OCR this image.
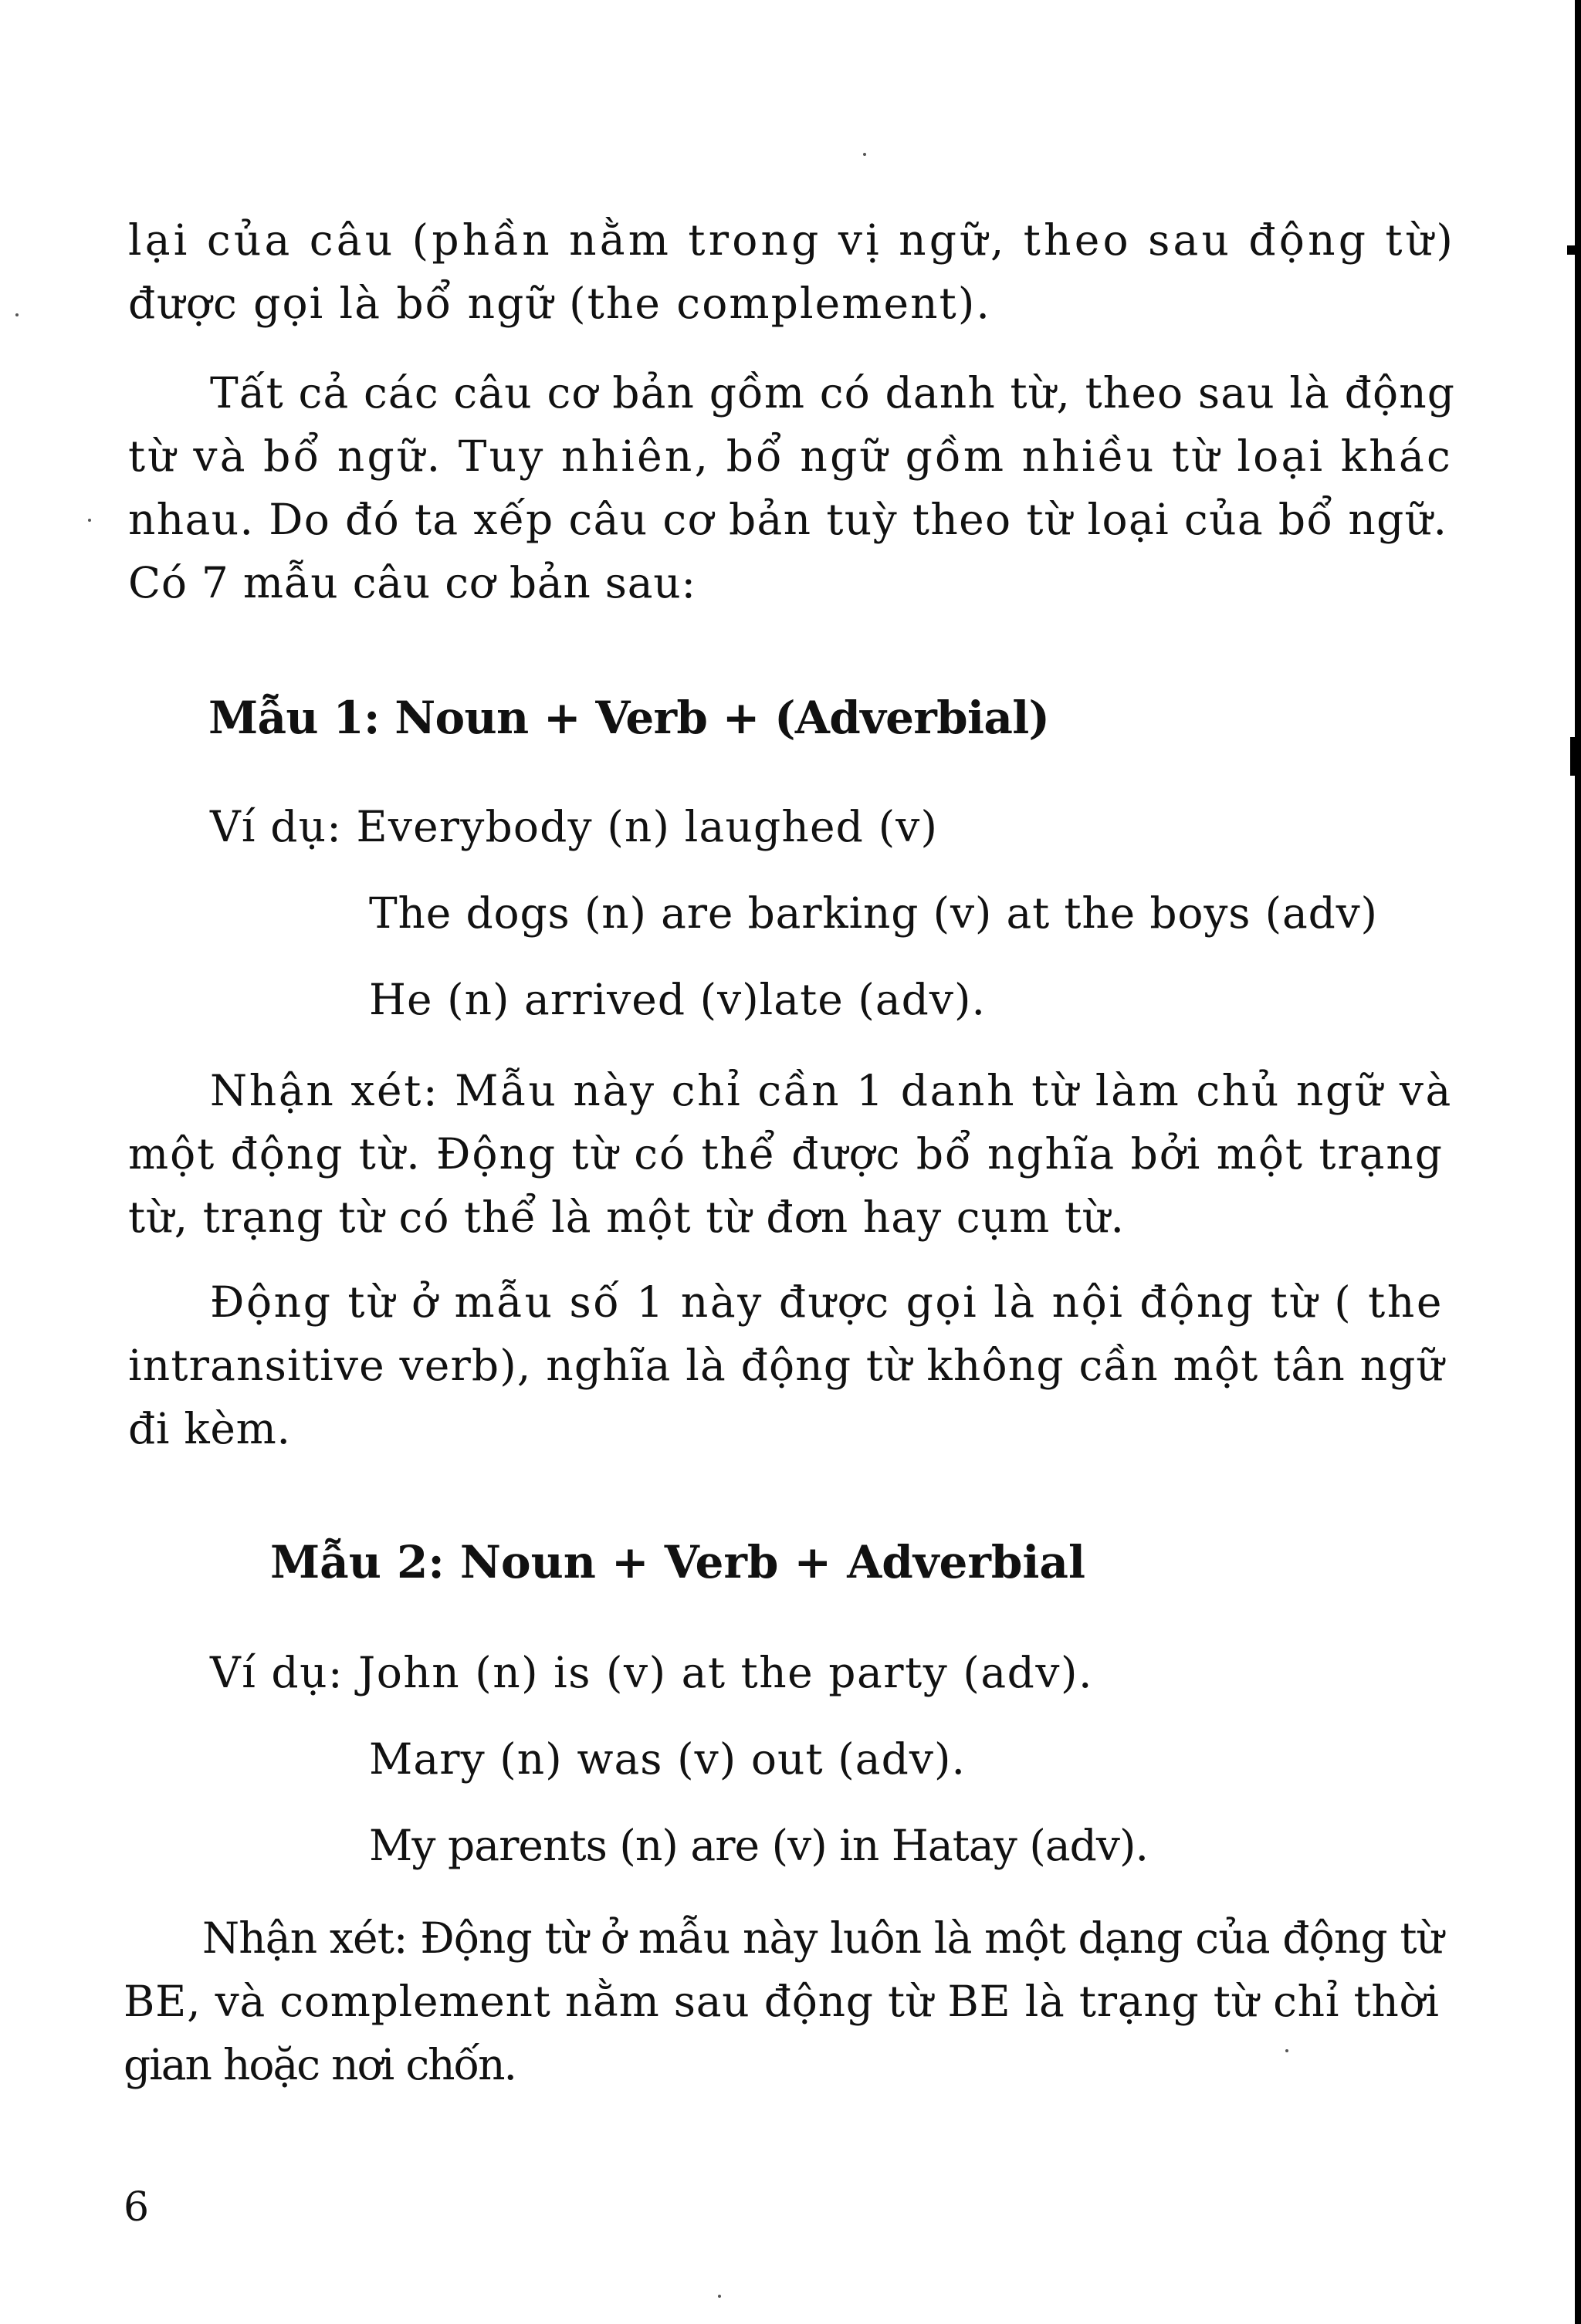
lại của câu (phần nằm trong vị ngữ, theo sau động từ)
được gọi là bổ ngữ (the complement).
Tất cả các câu cơ bản gồm có danh từ, theo sau là động
từ và bổ ngữ. Tuy nhiên, bổ ngữ gồm nhiều từ loại khác
nhau. Do đó ta xếp câu cơ bản tuỳ theo từ loại của bổ ngữ.
Có 7 mẫu câu cơ bản sau:
Mẫu 1: Noun + Verb + (Adverbial)
Ví dụ: Everybody (n) laughed (v)
The dogs (n) are barking (v) at the boys (adv)
He (n) arrived (v)late (adv).
Nhận xét: Mẫu này chỉ cần 1 danh từ làm chủ ngữ và
một động từ. Động từ có thể được bổ nghĩa bởi một trạng
từ, trạng từ có thể là một từ đơn hay cụm từ.
Động từ ở mẫu số 1 này được gọi là nội động từ ( the
intransitive verb), nghĩa là động từ không cần một tân ngữ
đi kèm.
Mẫu 2: Noun + Verb + Adverbial
Ví dụ: John (n) is (v) at the party (adv).
Mary (n) was (v) out (adv).
My parents (n) are (v) in Hatay (adv).
Nhận xét: Động từ ở mẫu này luôn là một dạng của động từ
BE, và complement nằm sau động từ BE là trạng từ chỉ thời
gian hoặc nơi chốn.
6
